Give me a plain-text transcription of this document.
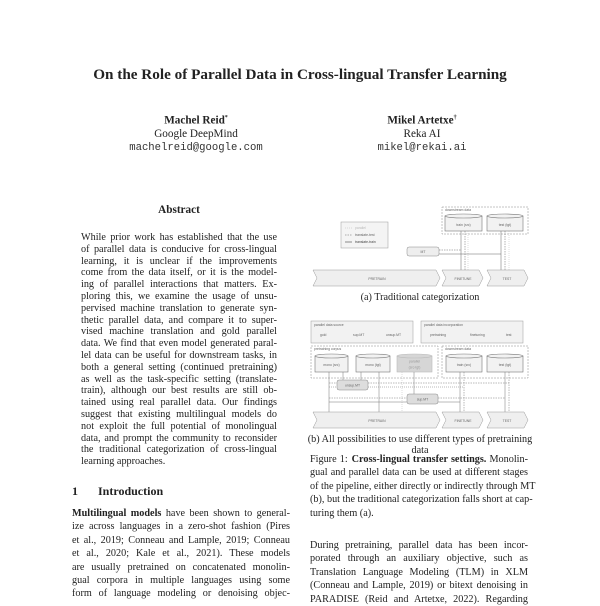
On the Role of Parallel Data in Cross-lingual Transfer Learning
Machel Reid*
Google DeepMind
machelreid@google.com
Mikel Artetxe†
Reka AI
mikel@rekai.ai
Abstract
While prior work has established that the use
of parallel data is conducive for cross-lingual
learning, it is unclear if the improvements
come from the data itself, or it is the model-
ing of parallel interactions that matters. Ex-
ploring this, we examine the usage of unsu-
pervised machine translation to generate syn-
thetic parallel data, and compare it to super-
vised machine translation and gold parallel
data. We find that even model generated paral-
lel data can be useful for downstream tasks, in
both a general setting (continued pretraining)
as well as the task-specific setting (translate-
train), although our best results are still ob-
tained using real parallel data. Our findings
suggest that existing multilingual models do
not exploit the full potential of monolingual
data, and prompt the community to reconsider
the traditional categorization of cross-lingual
learning approaches.
1 Introduction
Multilingual models have been shown to general-
ize across languages in a zero-shot fashion (Pires
et al., 2019; Conneau and Lample, 2019; Conneau
et al., 2020; Kale et al., 2021). These models
are usually pretrained on concatenated monolin-
gual corpora in multiple languages using some
form of language modeling or denoising objec-
downstream data
train (src)	test (tgt)
parallel
translate-test
translate-train
MT
PRETRAIN	FINETUNE	TEST
parallel data source
gold	sup.MT	unsup.MT
parallel data incorporation
pretraining	finetuning	test
pretraining corpus	downstream data
mono (src)	mono (tgt)
parallel
(src-tgt)
train (src)	test (tgt)
unsup.MT
sup.MT
PRETRAIN	FINETUNE	TEST
(a) Traditional categorization
(b) All possibilities to use different types of pretraining data
Figure 1: Cross-lingual transfer settings. Monolin-
gual and parallel data can be used at different stages
of the pipeline, either directly or indirectly through MT
(b), but the traditional categorization falls short at cap-
turing them (a).
During pretraining, parallel data has been incor-
porated through an auxiliary objective, such as
Translation Language Modeling (TLM) in XLM
(Conneau and Lample, 2019) or bitext denoising in
PARADISE (Reid and Artetxe, 2022). Regarding
